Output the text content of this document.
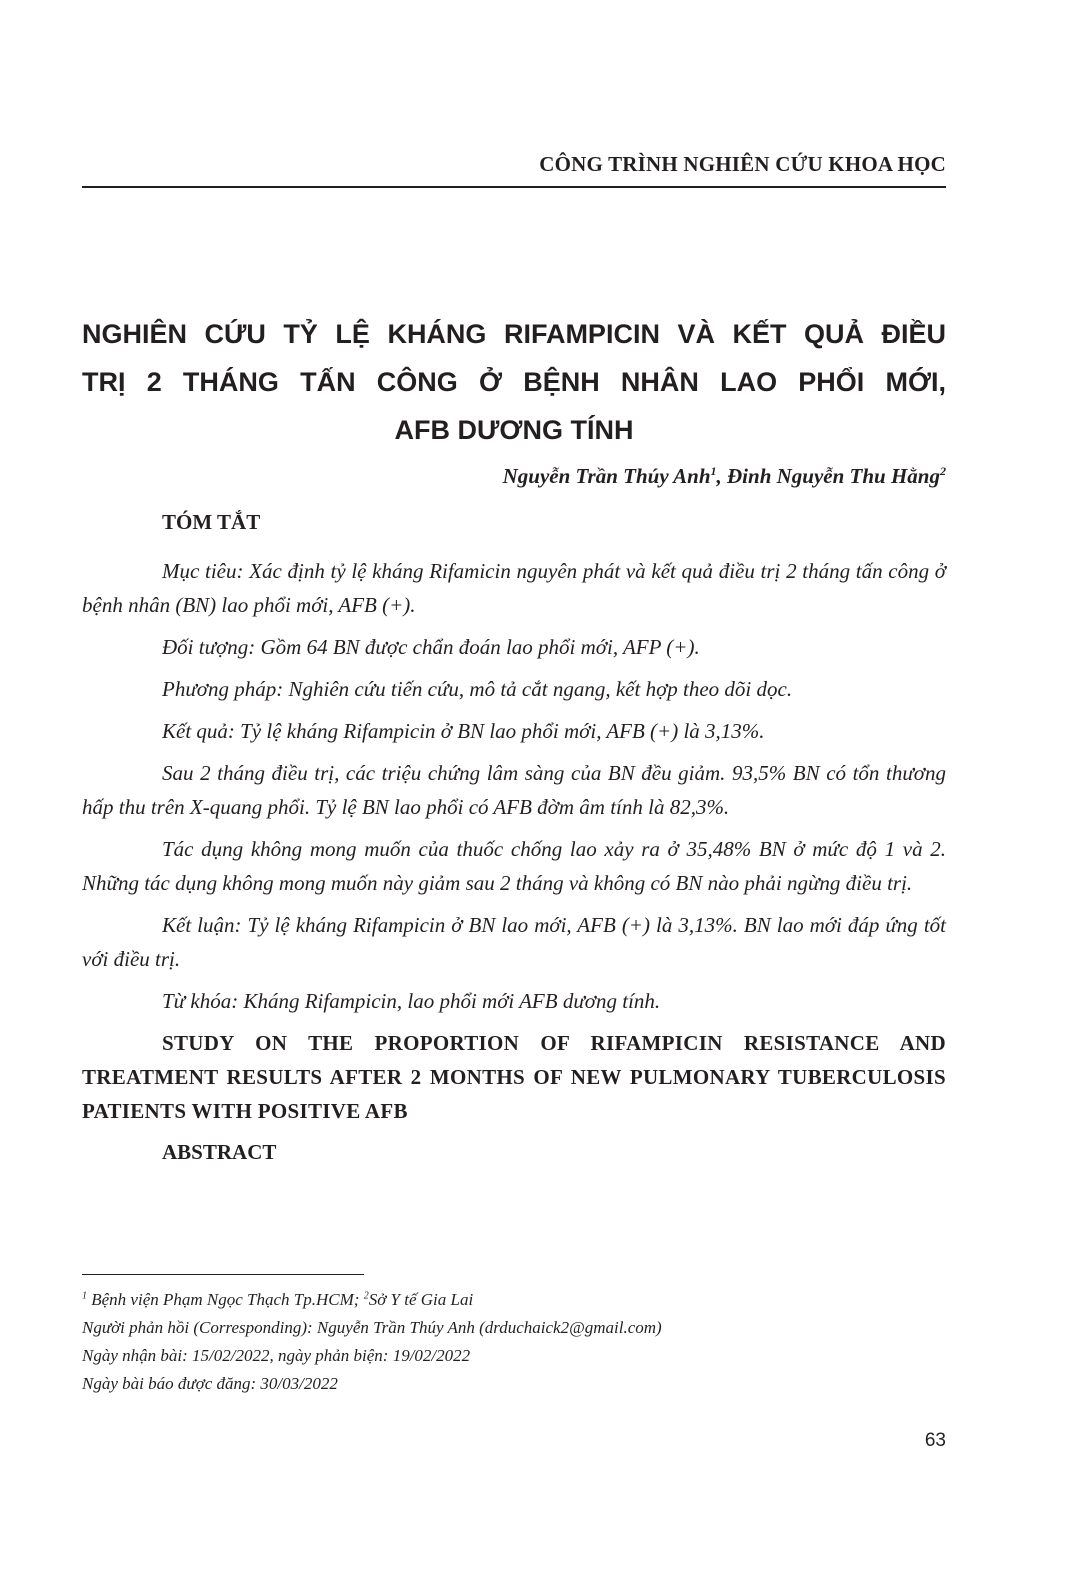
CÔNG TRÌNH NGHIÊN CỨU KHOA HỌC
NGHIÊN CỨU TỶ LỆ KHÁNG RIFAMPICIN VÀ KẾT QUẢ ĐIỀU
TRỊ 2 THÁNG TẤN CÔNG Ở BỆNH NHÂN LAO PHỔI MỚI,
AFB DƯƠNG TÍNH
Nguyễn Trần Thúy Anh$^1$, Đinh Nguyễn Thu Hằng$^2$
TÓM TẮT

Mục tiêu: Xác định tỷ lệ kháng Rifamicin nguyên phát và kết quả điều trị 2 tháng tấn công ở bệnh nhân (BN) lao phổi mới, AFB (+).

Đối tượng: Gồm 64 BN được chẩn đoán lao phổi mới, AFP (+).

Phương pháp: Nghiên cứu tiến cứu, mô tả cắt ngang, kết hợp theo dõi dọc.

Kết quả: Tỷ lệ kháng Rifampicin ở BN lao phổi mới, AFB (+) là 3,13%.

Sau 2 tháng điều trị, các triệu chứng lâm sàng của BN đều giảm. 93,5% BN có tổn thương hấp thu trên X-quang phổi. Tỷ lệ BN lao phổi có AFB đờm âm tính là 82,3%.

Tác dụng không mong muốn của thuốc chống lao xảy ra ở 35,48% BN ở mức độ 1 và 2. Những tác dụng không mong muốn này giảm sau 2 tháng và không có BN nào phải ngừng điều trị.

Kết luận: Tỷ lệ kháng Rifampicin ở BN lao mới, AFB (+) là 3,13%. BN lao mới đáp ứng tốt với điều trị.

Từ khóa: Kháng Rifampicin, lao phổi mới AFB dương tính.

STUDY ON THE PROPORTION OF RIFAMPICIN RESISTANCE AND TREATMENT RESULTS AFTER 2 MONTHS OF NEW PULMONARY TUBERCULOSIS PATIENTS WITH POSITIVE AFB
ABSTRACT
$^1$ Bệnh viện Phạm Ngọc Thạch Tp.HCM; $^2$Sở Y tế Gia Lai
Người phản hồi (Corresponding): Nguyễn Trần Thúy Anh (drduchaick2@gmail.com)
Ngày nhận bài: 15/02/2022, ngày phản biện: 19/02/2022
Ngày bài báo được đăng: 30/03/2022
63
